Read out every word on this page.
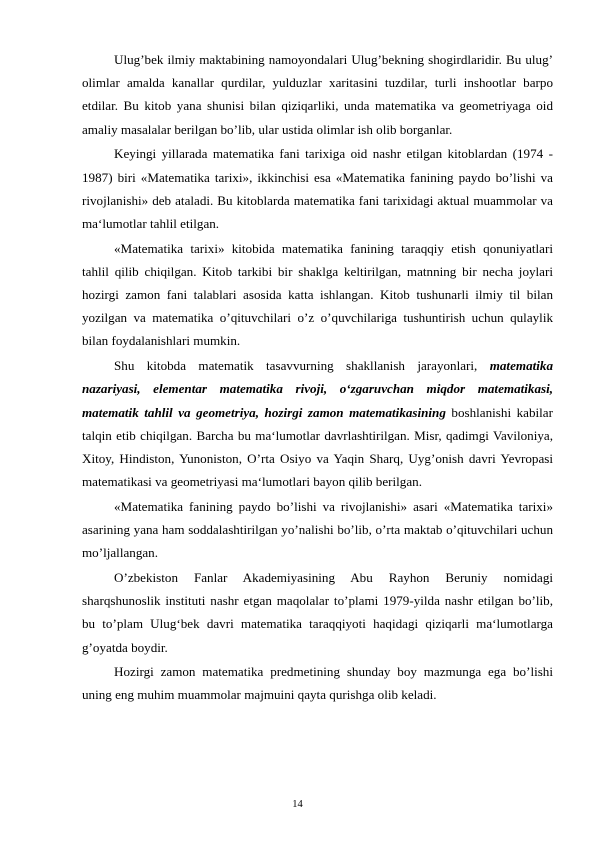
Ulug’bek ilmiy maktabining namoyondalari Ulug’bekning shogirdlaridir. Bu ulug’ olimlar amalda kanallar qurdilar, yulduzlar xaritasini tuzdilar, turli inshootlar barpo etdilar. Bu kitob yana shunisi bilan qiziqarliki, unda matematika va geometriyaga oid amaliy masalalar berilgan bo’lib, ular ustida olimlar ish olib borganlar.

Keyingi yillarada matematika fani tarixiga oid nashr etilgan kitoblardan (1974 - 1987) biri «Matematika tarixi», ikkinchisi esa «Matematika fanining paydo bo’lishi va rivojlanishi» deb ataladi. Bu kitoblarda matematika fani tarixidagi aktual muammolar va ma‘lumotlar tahlil etilgan.

«Matematika tarixi» kitobida matematika fanining taraqqiy etish qonuniyatlari tahlil qilib chiqilgan. Kitob tarkibi bir shaklga keltirilgan, matnning bir necha joylari hozirgi zamon fani talablari asosida katta ishlangan. Kitob tushunarli ilmiy til bilan yozilgan va matematika o’qituvchilari o’z o’quvchilariga tushuntirish uchun qulaylik bilan foydalanishlari mumkin.

Shu kitobda matematik tasavvurning shakllanish jarayonlari, matematika nazariyasi, elementar matematika rivoji, o‘zgaruvchan miqdor matematikasi, matematik tahlil va geometriya, hozirgi zamon matematikasining boshlanishi kabilar talqin etib chiqilgan. Barcha bu ma‘lumotlar davrlashtirilgan. Misr, qadimgi Vaviloniya, Xitoy, Hindiston, Yunoniston, O’rta Osiyo va Yaqin Sharq, Uyg’onish davri Yevropasi matematikasi va geometriyasi ma‘lumotlari bayon qilib berilgan.

«Matematika fanining paydo bo’lishi va rivojlanishi» asari «Matematika tarixi» asarining yana ham soddalashtirilgan yo’nalishi bo’lib, o’rta maktab o’qituvchilari uchun mo’ljallangan.

O’zbekiston Fanlar Akademiyasining Abu Rayhon Beruniy nomidagi sharqshunoslik instituti nashr etgan maqolalar to’plami 1979-yilda nashr etilgan bo’lib, bu to’plam Ulug‘bek davri matematika taraqqiyoti haqidagi qiziqarli ma‘lumotlarga g’oyatda boydir.

Hozirgi zamon matematika predmetining shunday boy mazmunga ega bo’lishi uning eng muhim muammolar majmuini qayta qurishga olib keladi.

14
